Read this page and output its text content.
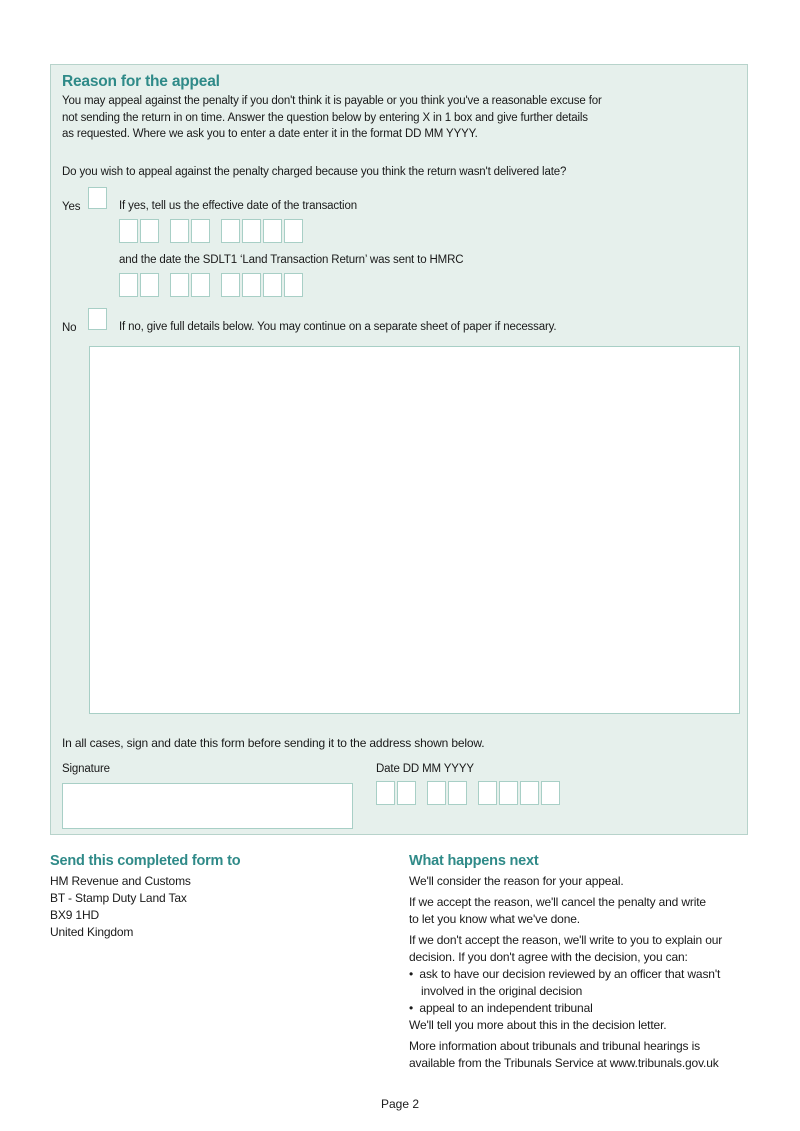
Reason for the appeal
You may appeal against the penalty if you don't think it is payable or you think you've a reasonable excuse for
not sending the return in on time. Answer the question below by entering X in 1 box and give further details
as requested. Where we ask you to enter a date enter it in the format DD MM YYYY.
Do you wish to appeal against the penalty charged because you think the return wasn't delivered late?
Yes	If yes, tell us the effective date of the transaction
and the date the SDLT1 ‘Land Transaction Return’ was sent to HMRC
No	If no, give full details below. You may continue on a separate sheet of paper if necessary.
In all cases, sign and date this form before sending it to the address shown below.
Signature	Date DD MM YYYY
Send this completed form to

HM Revenue and Customs

BT - Stamp Duty Land Tax

BX9 1HD

United Kingdom

What happens next

We'll consider the reason for your appeal.

If we accept the reason, we'll cancel the penalty and write

to let you know what we've done.

If we don't accept the reason, we'll write to you to explain our

decision. If you don't agree with the decision, you can:

•  ask to have our decision reviewed by an officer that wasn't

involved in the original decision

•  appeal to an independent tribunal

We'll tell you more about this in the decision letter.

More information about tribunals and tribunal hearings is

available from the Tribunals Service at www.tribunals.gov.uk

Page 2
